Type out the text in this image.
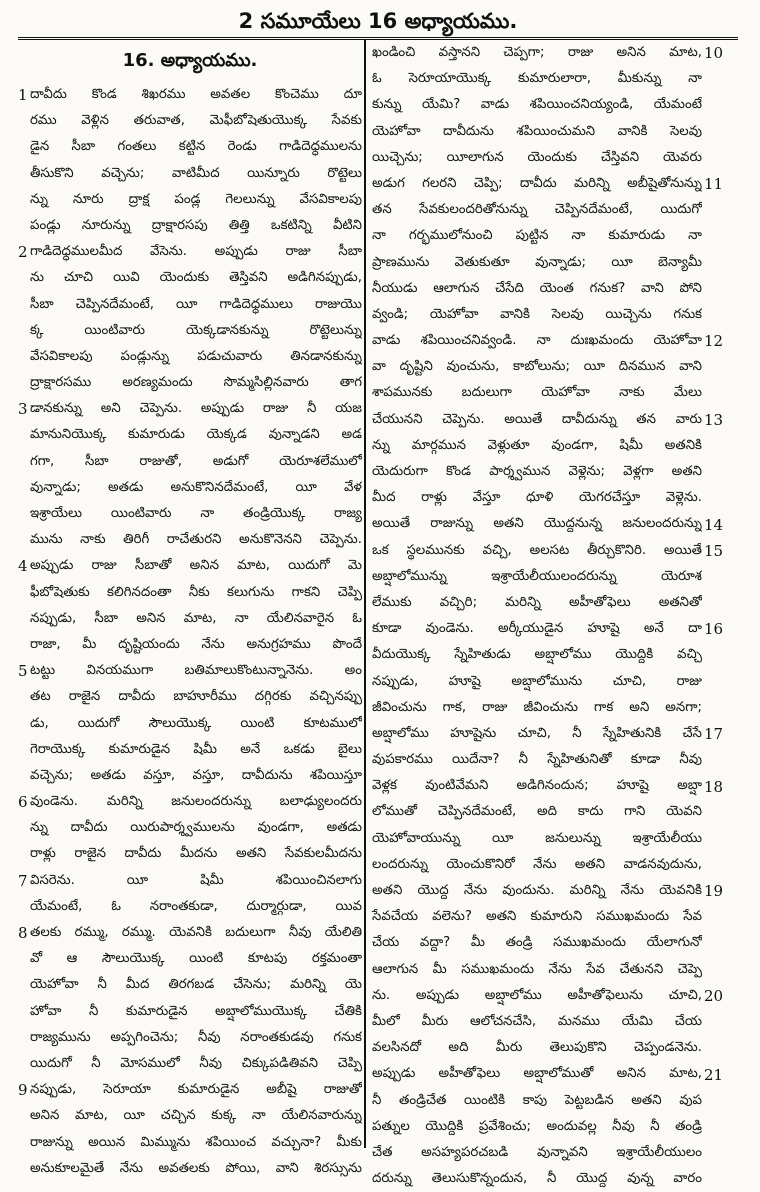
2 సమూయేలు 16 అధ్యాయము.
16. అధ్యాయము.
1 దావీదు కొండ శిఖరము అవతల కొంచెము దూ
రము వెళ్లిన తరువాత, మెఫీబోషెతుయొక్క సేవకు
డైన సీబా గంతలు కట్టిన రెండు గాడిదెధ్ధములను
తీసుకొని వచ్చెను; వాటిమీద యిన్నూరు రొట్టెలు
న్ను నూరు ద్రాక్ష పండ్ల గెలలున్ను వేసవికాలపు
పండ్లు నూరున్ను ద్రాక్షారసపు తిత్తి ఒకటిన్ని వీటిని
2 గాడిదెధ్ధములమీద వేసెను. అప్పుడు రాజు సీబా
ను చూచి యివి యెందుకు తెస్తివని అడిగినప్పుడు,
సీబా చెప్పినదేమంటే, యీ గాడిదెధ్ధములు రాజుయొ
క్క యింటివారు యెక్కడానకున్ను రొట్టెలున్ను
వేసవికాలపు పండ్లున్ను పడుచువారు తినడానకున్ను
ద్రాక్షారసము అరణ్యమందు సొమ్మసిల్లినవారు తాగ
3 డానకున్ను అని చెప్పెను. అప్పుడు రాజు నీ యజ
మానునియొక్క కుమారుడు యెక్కడ వున్నాడని అడ
గగా, సీబా రాజుతో, అడుగో యెరూశలేములో
వున్నాడు; అతడు అనుకొనినదేమంటే, యీ వేళ
ఇశ్రాయేలు యింటివారు నా తండ్రియొక్క రాజ్య
మును నాకు తిరిగీ రాచేతురని అనుకొనెనని చెప్పెను.
4 అప్పుడు రాజు సీబాతో అనిన మాట, యిదుగో మె
ఫీబోషెతుకు కలిగినదంతా నీకు కలుగును గాకని చెప్పి
నప్పుడు, సీబా అనిన మాట, నా యేలినవారైన ఓ
రాజా, మీ దృష్టియందు నేను అనుగ్రహము పొందే
5 టట్టు వినయముగా బతిమాలుకొంటున్నానెను. అం
తట రాజైన దావీదు బాహూరీము దగ్గిరకు వచ్చినప్పు
డు, యిదుగో సౌలుయొక్క యింటి కూటములో
గెరాయొక్క కుమారుడైన షిమీ అనే ఒకడు బైలు
వచ్చెను; అతడు వస్తూ, వస్తూ, దావీదును శపియిస్తూ
6 వుండెను. మరిన్ని జనులందరున్ను బలాఢ్యులందరు
న్ను దావీదు యిరుపార్శ్వములను వుండగా, అతడు
రాళ్లు రాజైన దావీదు మీదను అతని సేవకులమీదను
7 విసరెను. యీ షిమీ శపియించినలాగు
యేమంటే, ఓ నరాంతకుడా, దుర్మార్గుడా, యివ
8 తలకు రమ్ము, రమ్ము. యెవనికి బదులుగా నీవు యేలితి
వో ఆ సౌలుయొక్క యింటి కూటపు రక్తమంతా
యెహోవా నీ మీద తిరగబడ చేసెను; మరిన్ని యె
హోవా నీ కుమారుడైన అబ్షాలోముయొక్క చేతికి
రాజ్యమును అప్పగించెను; నీవు నరాంతకుడవు గనుక
యిదుగో నీ మోసములో నీవు చిక్కుపడితివని చెప్పి
9 నప్పుడు, సెరూయా కుమారుడైన అబీషై రాజుతో
అనిన మాట, యీ చచ్చిన కుక్క నా యేలినవారున్ను
రాజున్ను అయిన మిమ్మును శపియించ వచ్చునా? మీకు
అనుకూలమైతే నేను అవతలకు పోయి, వాని శిరస్సును
ఖండించి వస్తానని చెప్పగా; రాజు అనిన మాట,
ఓ సెరూయాయొక్క కుమారులారా, మీకున్ను నా
కున్ను యేమి? వాడు శపియించనియ్యండి, యేమంటే
యెహోవా దావీదును శపియించుమని వానికి సెలవు
యిచ్చెను; యీలాగున యెందుకు చేస్తివని యెవరు
అడుగ గలరని చెప్పి; దావీదు మరిన్ని అబీషైతోనున్ను
తన సేవకులందరితోనున్ను చెప్పినదేమంటే, యిదుగో
నా గర్భములోనుంచి పుట్టిన నా కుమారుడు నా
ప్రాణమును వెతుకుతూ వున్నాడు; యీ బెన్యామీ
నీయుడు ఆలాగున చేసేది యెంత గనుక? వాని పోని
వ్వండి; యెహోవా వానికి సెలవు యిచ్చెను గనుక
వాడు శపియించనివ్వండి. నా దుఃఖమందు యెహోవా
వా దృష్టిని వుంచును, కాబోలును; యీ దినమున వాని
శాపమునకు బదులుగా యెహోవా నాకు మేలు
చేయునని చెప్పెను. అయితే దావీదున్ను తన వారు
న్ను మార్గమున వెళ్లుతూ వుండగా, షిమీ అతనికి
యెదురుగా కొండ పార్శ్వమున వెళ్లెను; వెళ్లగా అతని
మీద రాళ్లు వేస్తూ ధూళి యెగరచేస్తూ వెళ్లెను.
అయితే రాజున్ను అతని యొద్దనున్న జనులందరున్ను
ఒక స్థలమునకు వచ్చి, అలసట తీర్చుకొనిరి. అయితే
అబ్షాలోమున్ను ఇశ్రాయేలీయులందరున్ను యెరూశ
లేముకు వచ్చిరి; మరిన్ని అహీతోఫెలు అతనితో
కూడా వుండెను. అర్కీయుడైన హూషై అనే దా
వీదుయొక్క స్నేహితుడు అబ్షాలోము యొద్దికి వచ్చి
నప్పుడు, హూషై అబ్షాలోమును చూచి, రాజు
జీవించును గాక, రాజు జీవించును గాక అని అనగా;
అబ్షాలోము హూషైను చూచి, నీ స్నేహితునికి చేసే
వుపకారము యిదేనా? నీ స్నేహితునితో కూడా నీవు
వెళ్లక వుంటివేమని అడిగినందున; హూషై అబ్షా
లోముతో చెప్పినదేమంటే, అది కాదు గాని యెవని
యెహోవాయున్ను యీ జనులున్ను ఇశ్రాయేలీయు
లందరున్ను యెంచుకొనిరో నేను అతని వాడనవుదును,
అతని యొద్ద నేను వుందును. మరిన్ని నేను యెవనికి
సేవచేయ వలెను? అతని కుమారుని సముఖమందు సేవ
చేయ వద్దా? మీ తండ్రి సముఖమందు యేలాగునో
ఆలాగున మీ సముఖమందు నేను సేవ చేతునని చెప్పె
ను. అప్పుడు అబ్షాలోము అహీతోఫెలును చూచి,
మీలో మీరు ఆలోచనచేసి, మనము యేమి చేయ
వలసినదో అది మీరు తెలుపుకొని చెప్పండనెను.
అప్పుడు అహీతోఫెలు అబ్షాలోముతో అనిన మాట,
నీ తండ్రిచేత యింటికి కాపు పెట్టబడిన అతని వుప
పత్నుల యొద్దికి ప్రవేశించు; అందువల్ల నీవు నీ తండ్రి
చేత అసహ్యపరచబడి వున్నావని ఇశ్రాయేలీయులం
దరున్ను తెలుసుకొన్నందున, నీ యొద్ద వున్న వారం
10
11
12
13
14
15
16
17
18
19
20
21
